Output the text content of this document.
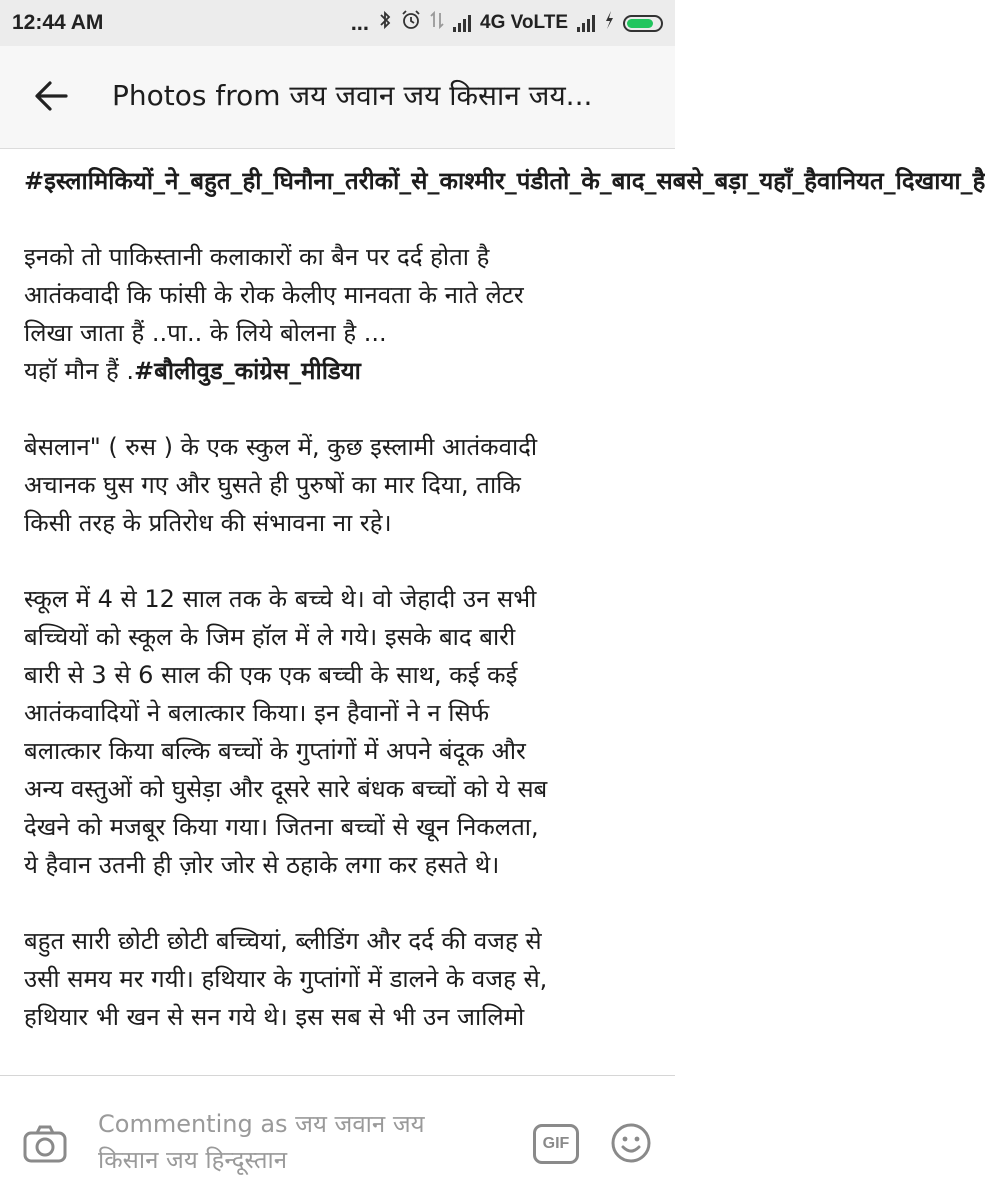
12:44 AM	...	4G VoLTE
Photos from जय जवान जय किसान जय...
#इस्लामिकियों_ने_बहुत_ही_घिनौना_तरीकों_से_काश्मीर_पंडीतो_के_बाद_सबसे_बड़ा_यहाँ_हैवानियत_दिखाया_है

इनको तो पाकिस्तानी कलाकारों का बैन पर दर्द होता है
आतंकवादी कि फांसी के रोक केलीए मानवता के नाते लेटर
लिखा जाता हैं ..पा.. के लिये बोलना है ...
यहॉ मौन हैं .#बौलीवुड_कांग्रेस_मीडिया

बेसलान" ( रुस ) के एक स्कुल में, कुछ इस्लामी आतंकवादी
अचानक घुस गए और घुसते ही पुरुषों का मार दिया, ताकि
किसी तरह के प्रतिरोध की संभावना ना रहे।

स्कूल में 4 से 12 साल तक के बच्चे थे। वो जेहादी उन सभी
बच्चियों को स्कूल के जिम हॉल में ले गये। इसके बाद बारी
बारी से 3 से 6 साल की एक एक बच्ची के साथ, कई कई
आतंकवादियों ने बलात्कार किया। इन हैवानों ने न सिर्फ
बलात्कार किया बल्कि बच्चों के गुप्तांगों में अपने बंदूक और
अन्य वस्तुओं को घुसेड़ा और दूसरे सारे बंधक बच्चों को ये सब
देखने को मजबूर किया गया। जितना बच्चों से खून निकलता,
ये हैवान उतनी ही ज़ोर जोर से ठहाके लगा कर हसते थे।

बहुत सारी छोटी छोटी बच्चियां, ब्लीडिंग और दर्द की वजह से
उसी समय मर गयी। हथियार के गुप्तांगों में डालने के वजह से,
हथियार भी खन से सन गये थे। इस सब से भी उन जालिमो

Commenting as जय जवान जय
किसान जय हिन्दूस्तान
GIF
